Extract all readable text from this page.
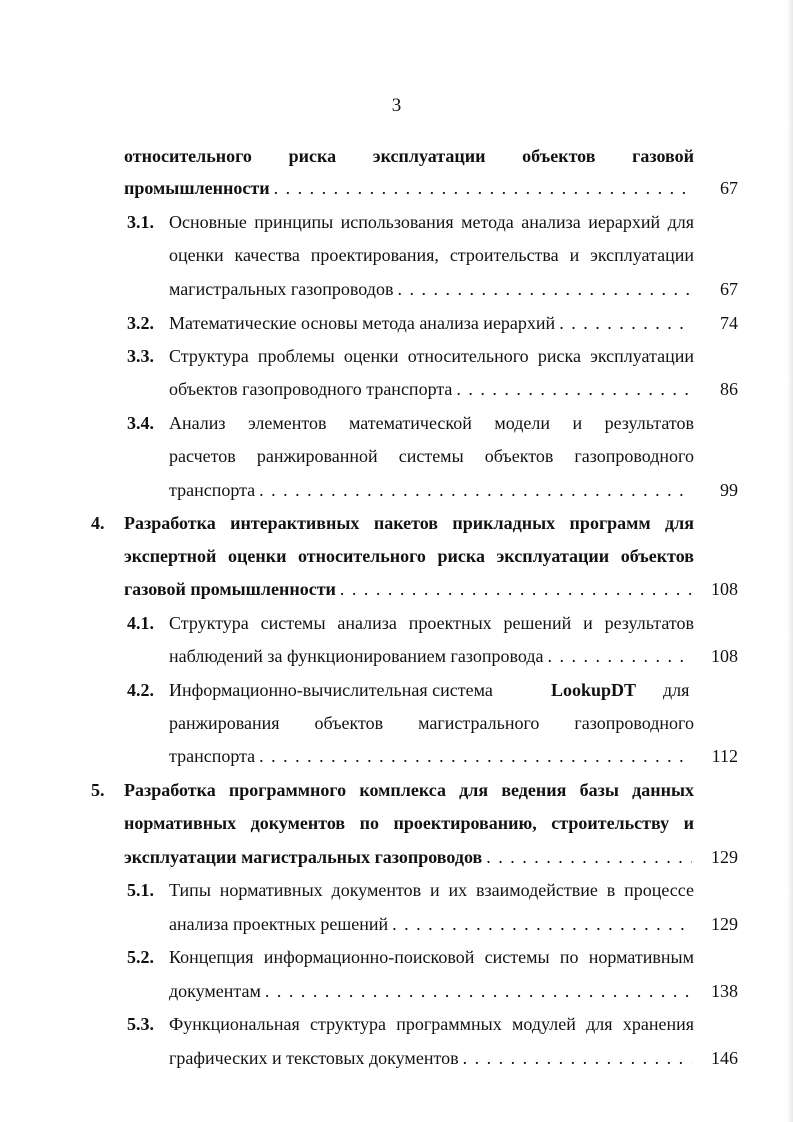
3
относительного риска эксплуатации объектов газовой
промышленности . . .	67
3.1. Основные принципы использования метода анализа иерархий для
оценки качества проектирования, строительства и эксплуатации
магистральных газопроводов . . .	67
3.2. Математические основы метода анализа иерархий . . .	74
3.3. Структура проблемы оценки относительного риска эксплуатации
объектов газопроводного транспорта . . .	86
3.4. Анализ элементов математической модели и результатов
расчетов ранжированной системы объектов газопроводного
транспорта . . .	99
4. Разработка интерактивных пакетов прикладных программ для
экспертной оценки относительного риска эксплуатации объектов
газовой промышленности . . .	108
4.1. Структура системы анализа проектных решений и результатов
наблюдений за функционированием газопровода . . .	108
4.2. Информационно-вычислительная система	LookupDT для
ранжирования объектов магистрального газопроводного
транспорта . . .	112
5. Разработка программного комплекса для ведения базы данных
нормативных документов по проектированию, строительству и
эксплуатации магистральных газопроводов . . .	129
5.1. Типы нормативных документов и их взаимодействие в процессе
анализа проектных решений . . .	129
5.2. Концепция информационно-поисковой системы по нормативным
документам . . .	138
5.3. Функциональная структура программных модулей для хранения
графических и текстовых документов . . .	146
